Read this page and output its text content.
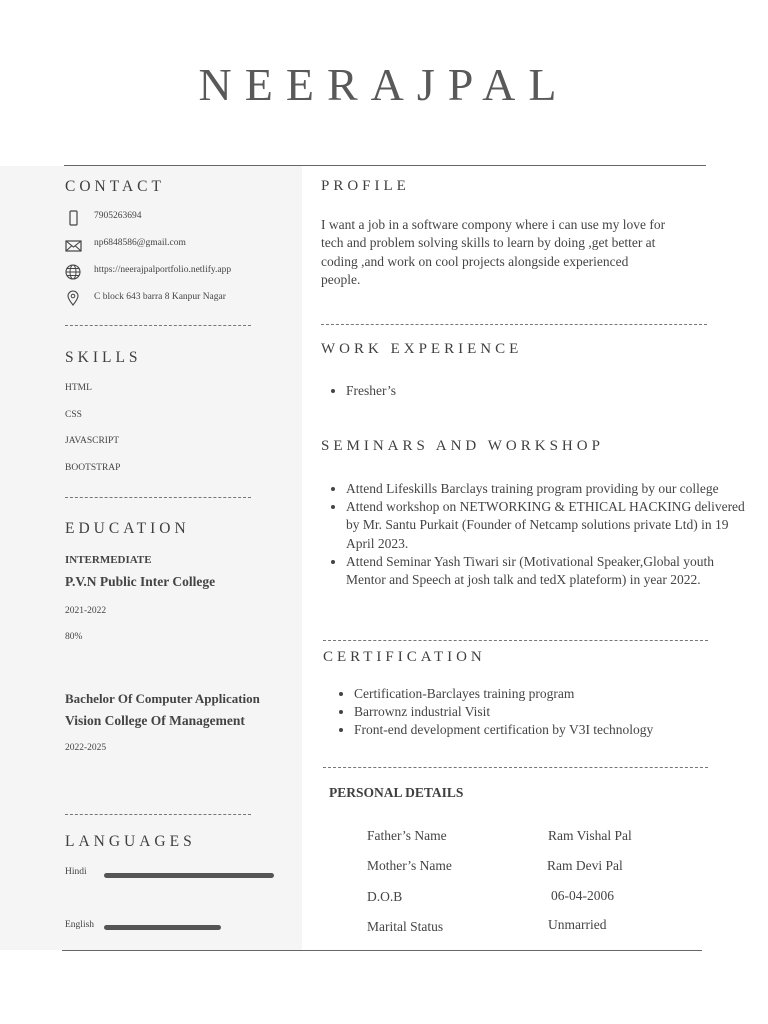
NEERAJPAL
CONTACT
7905263694
np6848586@gmail.com
https://neerajpalportfolio.netlify.app
C block 643 barra 8 Kanpur Nagar
SKILLS
HTML
CSS
JAVASCRIPT
BOOTSTRAP
EDUCATION
INTERMEDIATE
P.V.N Public Inter College
2021-2022
80%
Bachelor Of Computer Application
Vision College Of Management
2022-2025
LANGUAGES
Hindi
English
PROFILE
I want a job in a software compony where i can use my love for
tech and problem solving skills to learn by doing ,get better at
coding ,and work on cool projects alongside experienced
people.
WORK EXPERIENCE
• Fresher’s
SEMINARS AND WORKSHOP
• Attend Lifeskills Barclays training program providing by our college
• Attend workshop on NETWORKING & ETHICAL HACKING delivered by Mr. Santu Purkait (Founder of Netcamp solutions private Ltd) in 19 April 2023.
• Attend Seminar Yash Tiwari sir (Motivational Speaker,Global youth Mentor and Speech at josh talk and tedX plateform) in year 2022.
CERTIFICATION
• Certification-Barclayes training program
• Barrownz industrial Visit
• Front-end development certification by V3I technology
PERSONAL DETAILS
Father’s Name	Ram Vishal Pal
Mother’s Name	Ram Devi Pal
D.O.B	06-04-2006
Marital Status	Unmarried
